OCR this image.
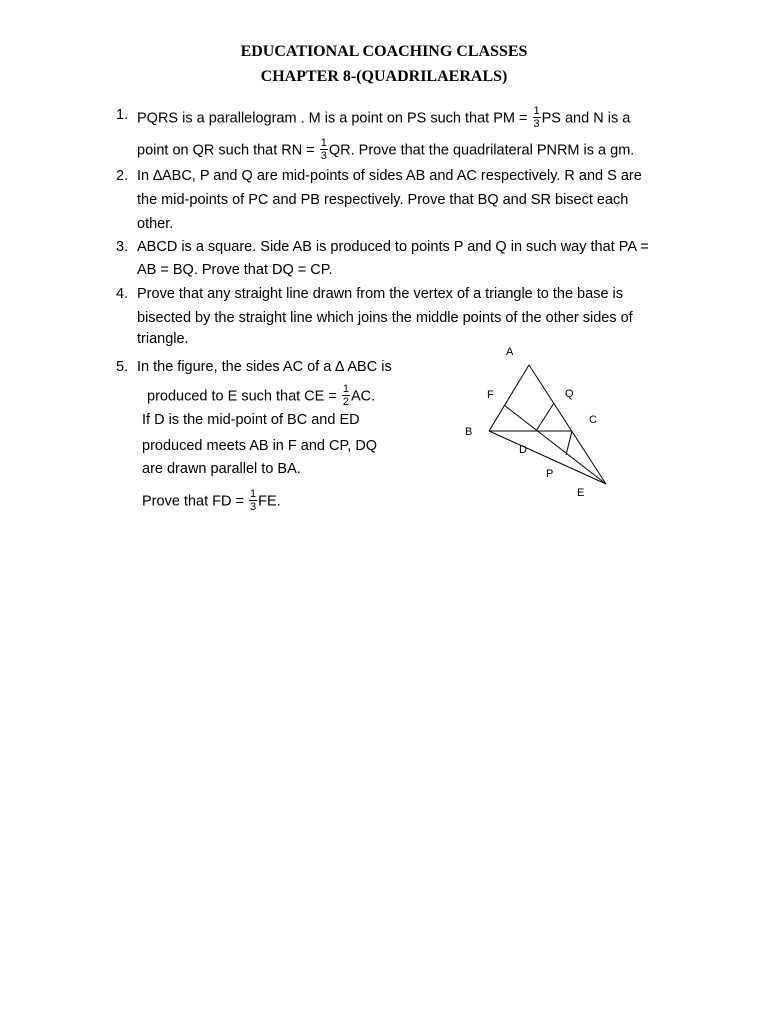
EDUCATIONAL COACHING CLASSES
CHAPTER 8-(QUADRILAERALS)
1. PQRS is a parallelogram . M is a point on PS such that PM = $\frac{1}{3}$ PS and N is a
point on QR such that RN = $\frac{1}{3}$ QR. Prove that the quadrilateral PNRM is a gm.
2. In ∆ABC, P and Q are mid-points of sides AB and AC respectively. R and S are
the mid-points of PC and PB respectively. Prove that BQ and SR bisect each
other.
3. ABCD is a square. Side AB is produced to points P and Q in such way that PA =
AB = BQ. Prove that DQ = CP.
4. Prove that any straight line drawn from the vertex of a triangle to the base is
bisected by the straight line which joins the middle points of the other sides of
triangle.
5. In the figure, the sides AC of a ∆ ABC is
produced to E such that CE = $\frac{1}{2}$ AC.
If D is the mid-point of BC and ED
produced meets AB in F and CP, DQ
are drawn parallel to BA.
Prove that FD = $\frac{1}{3}$ FE.
A
F	Q
C
B
D
P
E
